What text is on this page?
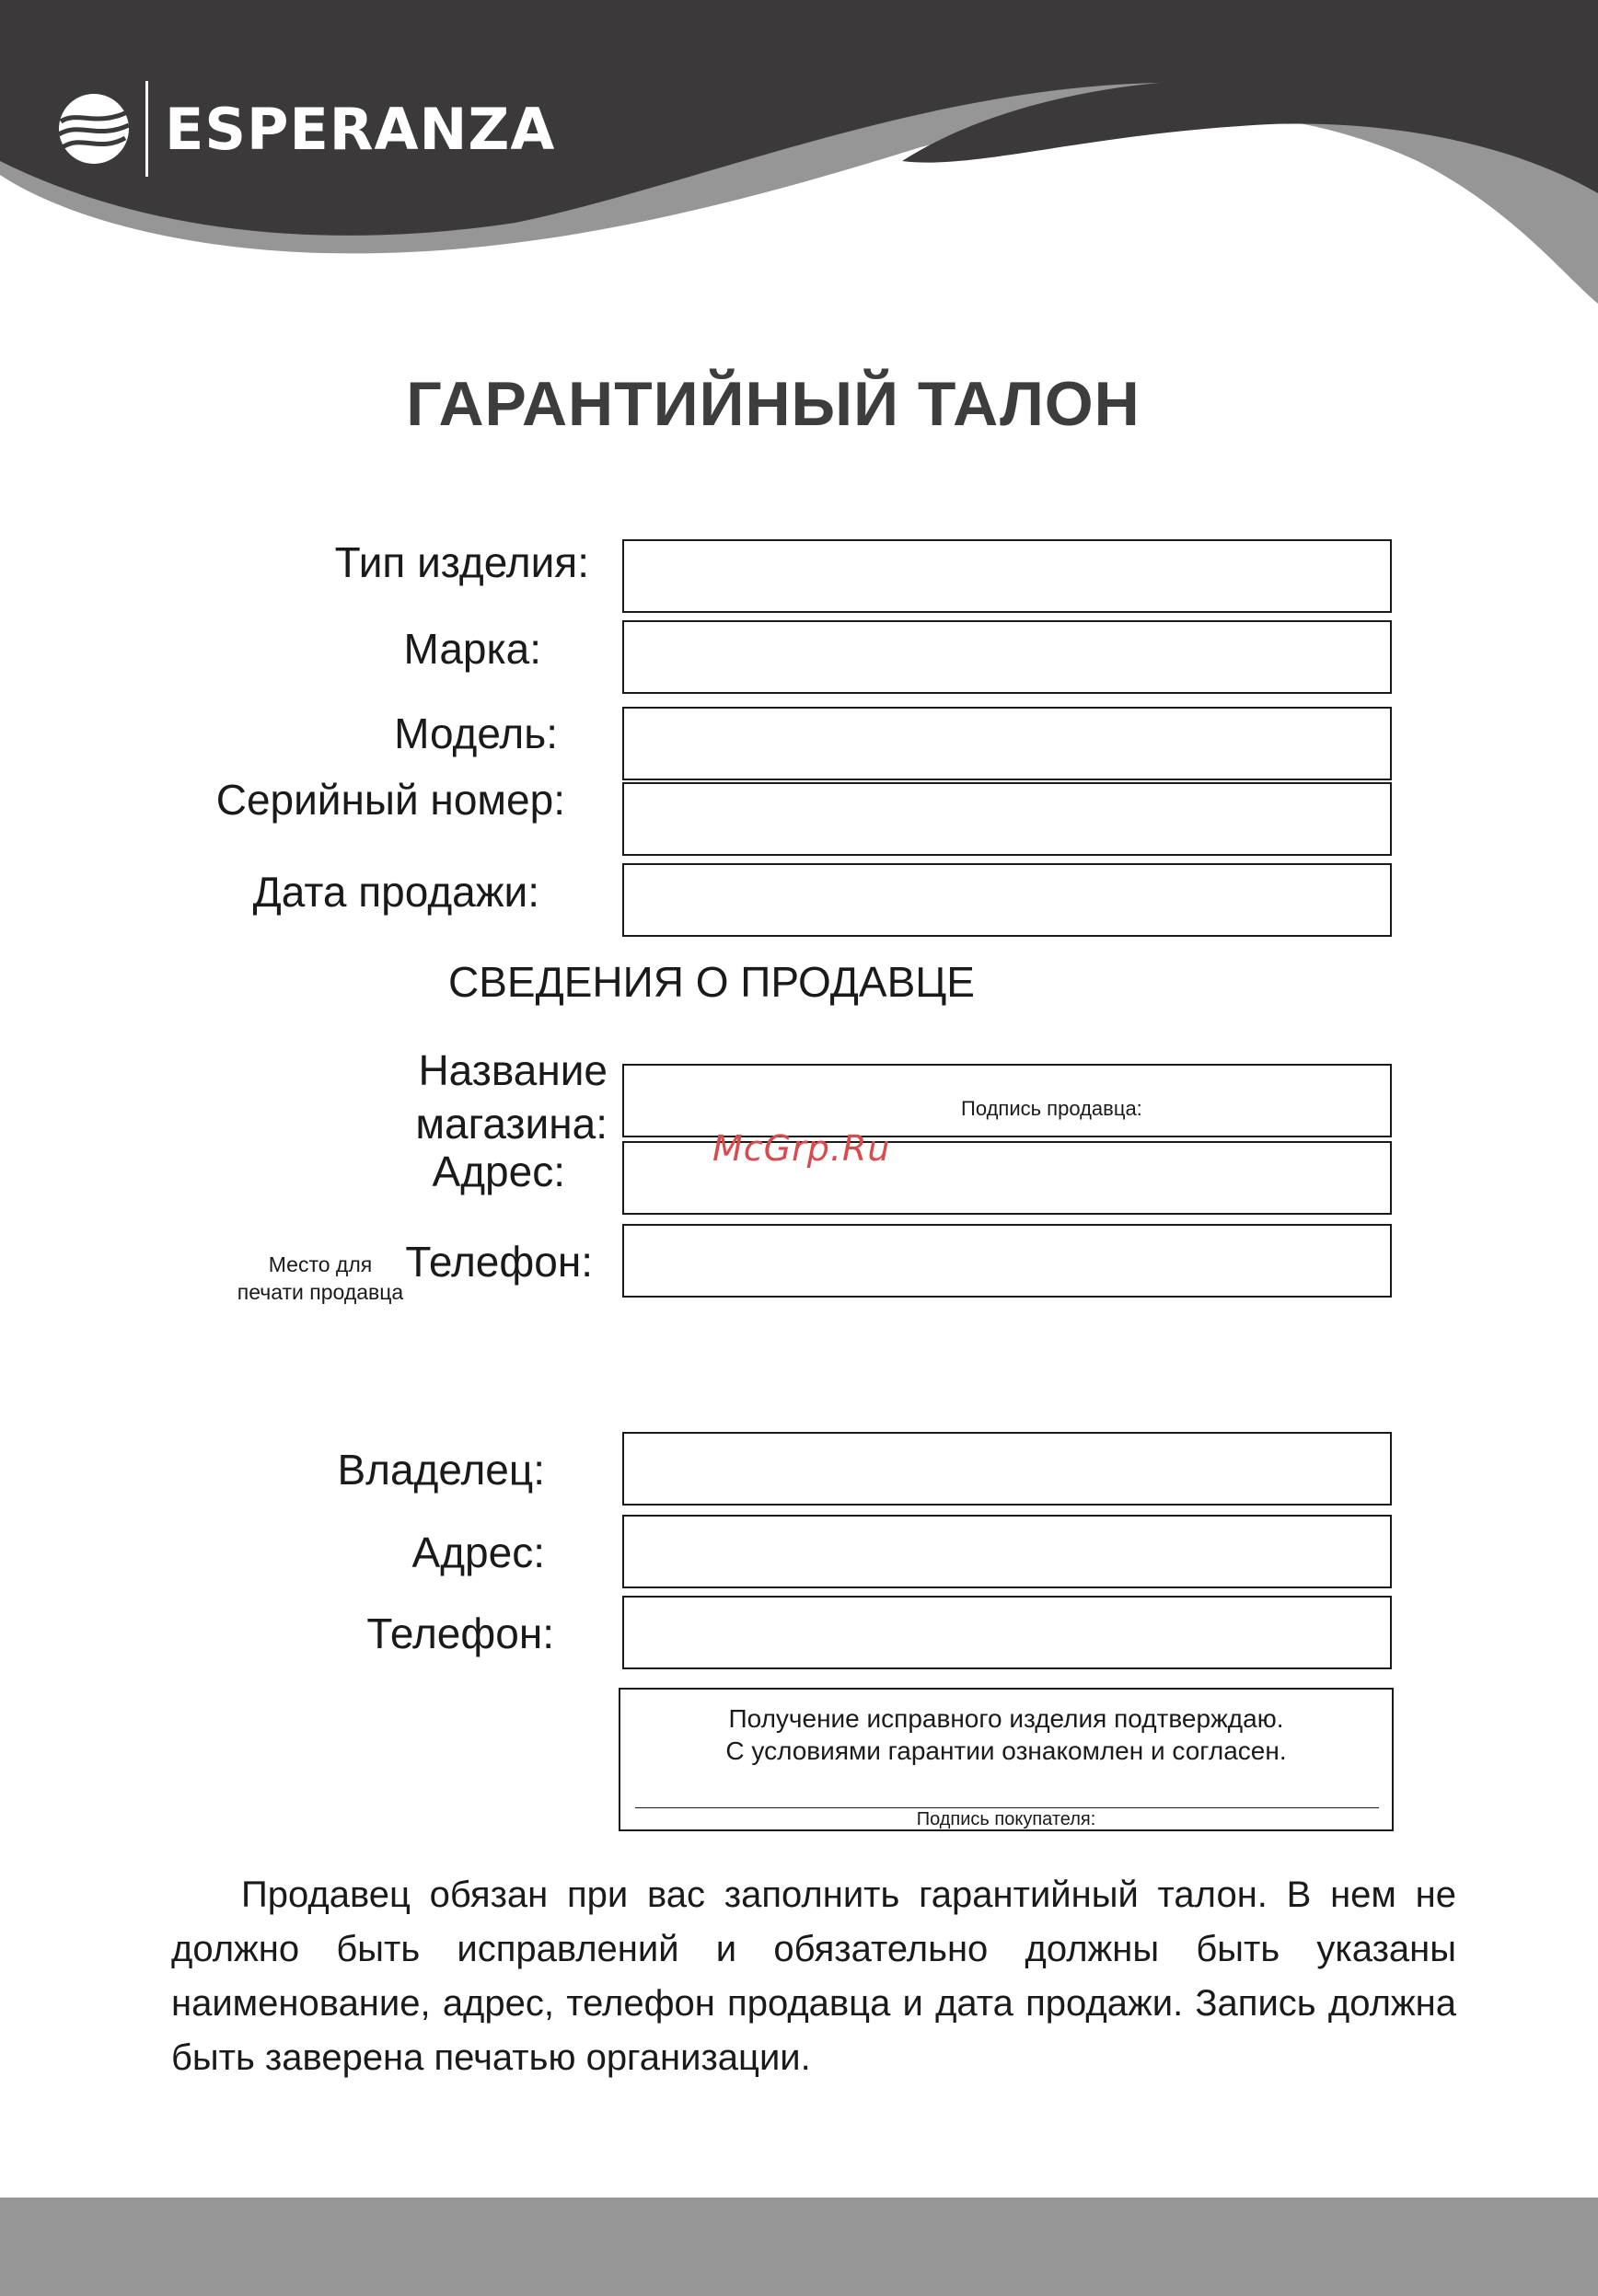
ESPERANZA
ГАРАНТИЙНЫЙ ТАЛОН
Тип изделия:
Марка:
Модель:
Серийный номер:
Дата продажи:
СВЕДЕНИЯ О ПРОДАВЦЕ
Название
магазина:	Подпись продавца:
Адрес:	McGrp.Ru
Место для
печати продавца
Телефон:
Владелец:
Адрес:
Телефон:
Получение исправного изделия подтверждаю.
С условиями гарантии ознакомлен и согласен.
Подпись покупателя:
Продавец обязан при вас заполнить гарантийный талон. В нем не должно быть исправлений и обязательно должны быть указаны наименование, адрес, телефон продавца и дата продажи. Запись должна быть заверена печатью организации.
